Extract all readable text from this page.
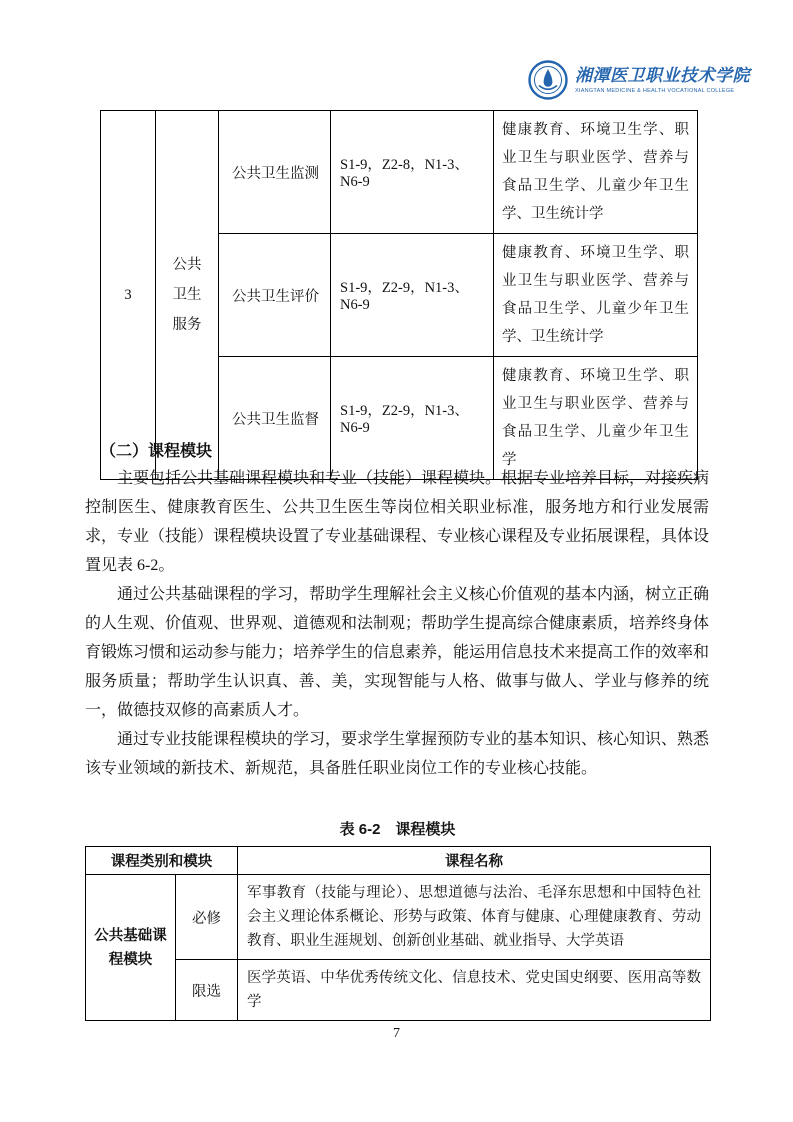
湘潭医卫职业技术学院
XIANGTAN MEDICINE & HEALTH VOCATIONAL COLLEGE
3	公共卫生服务	公共卫生监测	S1-9，Z2-8，N1-3、N6-9	健康教育、环境卫生学、职业卫生与职业医学、营养与食品卫生学、儿童少年卫生学、卫生统计学
		公共卫生评价	S1-9，Z2-9，N1-3、N6-9	健康教育、环境卫生学、职业卫生与职业医学、营养与食品卫生学、儿童少年卫生学、卫生统计学
		公共卫生监督	S1-9，Z2-9，N1-3、N6-9	健康教育、环境卫生学、职业卫生与职业医学、营养与食品卫生学、儿童少年卫生学
（二）课程模块

主要包括公共基础课程模块和专业（技能）课程模块。根据专业培养目标，对接疾病控制医生、健康教育医生、公共卫生医生等岗位相关职业标准，服务地方和行业发展需求，专业（技能）课程模块设置了专业基础课程、专业核心课程及专业拓展课程，具体设置见表 6-2。

通过公共基础课程的学习，帮助学生理解社会主义核心价值观的基本内涵，树立正确的人生观、价值观、世界观、道德观和法制观；帮助学生提高综合健康素质，培养终身体育锻炼习惯和运动参与能力；培养学生的信息素养，能运用信息技术来提高工作的效率和服务质量；帮助学生认识真、善、美，实现智能与人格、做事与做人、学业与修养的统一，做德技双修的高素质人才。

通过专业技能课程模块的学习，要求学生掌握预防专业的基本知识、核心知识、熟悉该专业领域的新技术、新规范，具备胜任职业岗位工作的专业核心技能。

表 6-2　课程模块
课程类别和模块		课程名称
公共基础课程模块	必修	军事教育（技能与理论）、思想道德与法治、毛泽东思想和中国特色社会主义理论体系概论、形势与政策、体育与健康、心理健康教育、劳动教育、职业生涯规划、创新创业基础、就业指导、大学英语
	限选	医学英语、中华优秀传统文化、信息技术、党史国史纲要、医用高等数学
7
